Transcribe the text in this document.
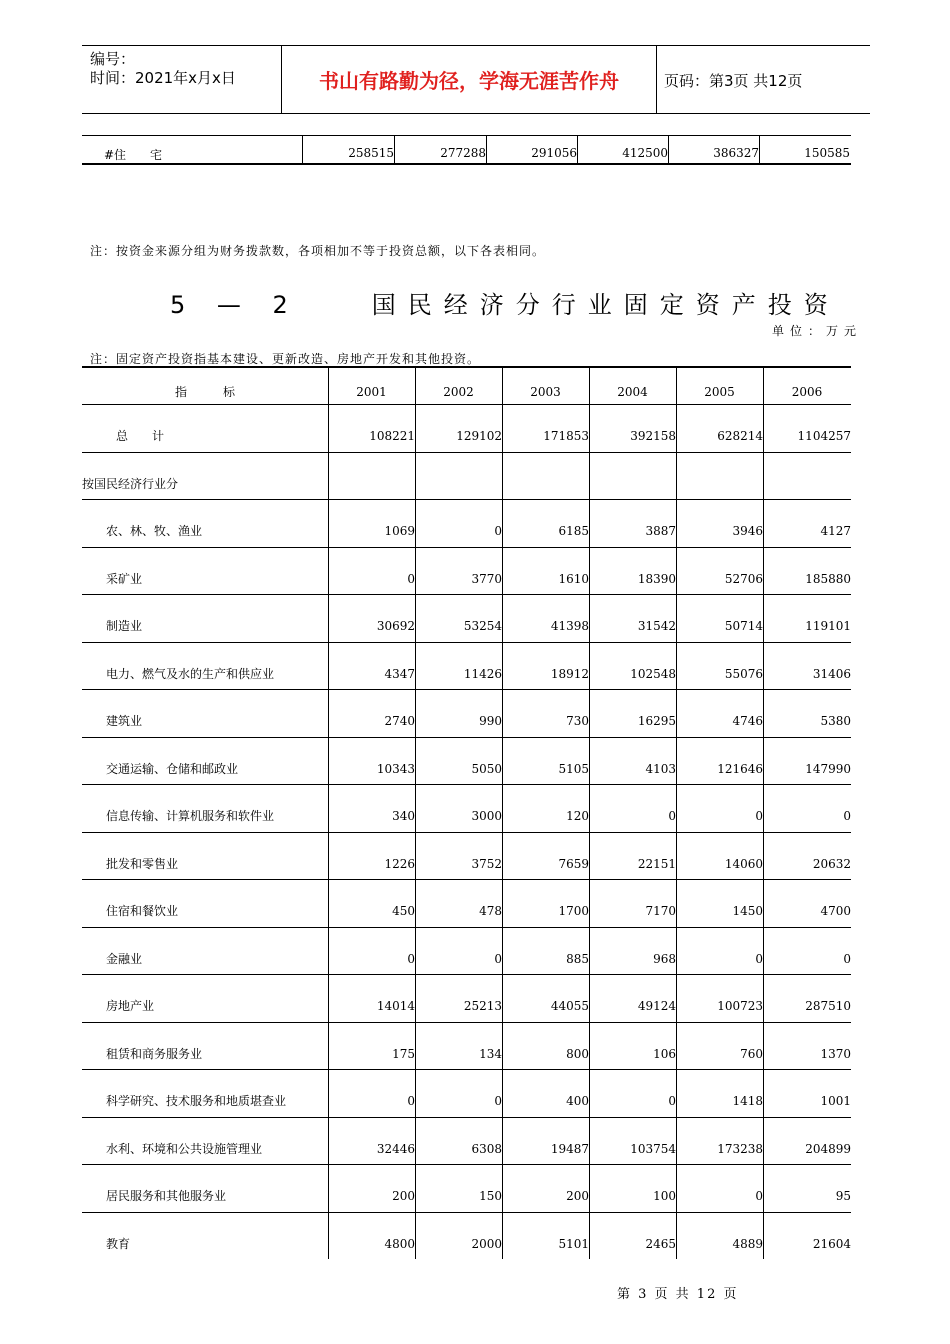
编号：
时间：2021年x月x日	书山有路勤为径，学海无涯苦作舟	页码：第3页 共12页
#住　　宅	258515	277288	291056	412500	386327	150585
注：按资金来源分组为财务拨款数，各项相加不等于投资总额，以下各表相同。
5 — 2　　国民经济分行业固定资产投资
单位：万元
注：固定资产投资指基本建设、更新改造、房地产开发和其他投资。
指　　　标	2001	2002	2003	2004	2005	2006
总　　计	108221	129102	171853	392158	628214	1104257
按国民经济行业分
农、林、牧、渔业	1069	0	6185	3887	3946	4127
采矿业	0	3770	1610	18390	52706	185880
制造业	30692	53254	41398	31542	50714	119101
电力、燃气及水的生产和供应业	4347	11426	18912	102548	55076	31406
建筑业	2740	990	730	16295	4746	5380
交通运输、仓储和邮政业	10343	5050	5105	4103	121646	147990
信息传输、计算机服务和软件业	340	3000	120	0	0	0
批发和零售业	1226	3752	7659	22151	14060	20632
住宿和餐饮业	450	478	1700	7170	1450	4700
金融业	0	0	885	968	0	0
房地产业	14014	25213	44055	49124	100723	287510
租赁和商务服务业	175	134	800	106	760	1370
科学研究、技术服务和地质堪查业	0	0	400	0	1418	1001
水利、环境和公共设施管理业	32446	6308	19487	103754	173238	204899
居民服务和其他服务业	200	150	200	100	0	95
教育	4800	2000	5101	2465	4889	21604
第 3 页 共 12 页
